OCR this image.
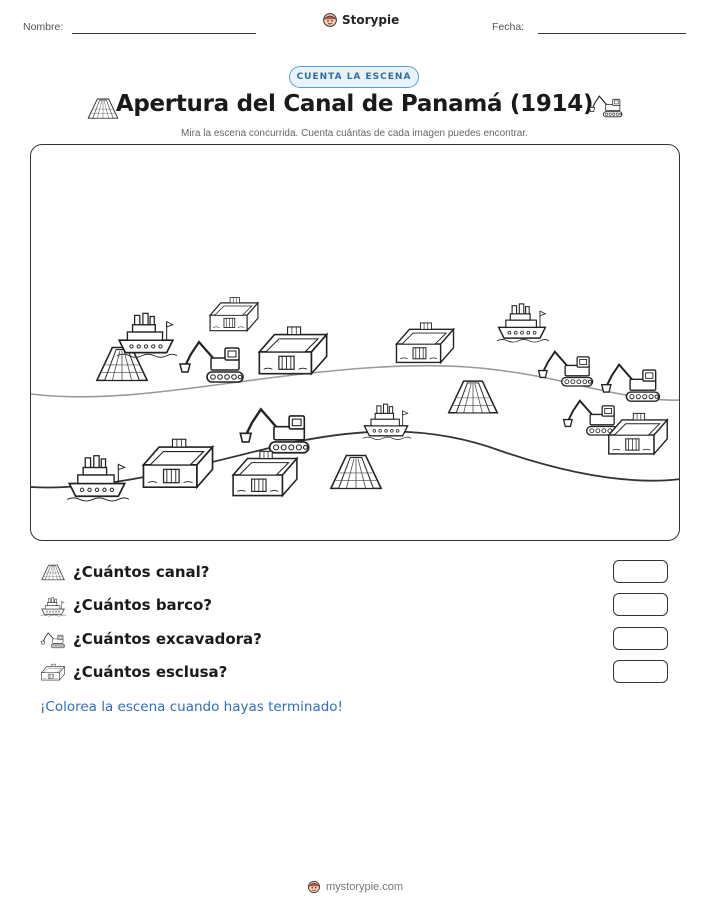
Nombre:	Storypie	Fecha:
CUENTA LA ESCENA
Apertura del Canal de Panamá (1914)
Mira la escena concurrida. Cuenta cuántas de cada imagen puedes encontrar.
¿Cuántos canal?
¿Cuántos barco?
¿Cuántos excavadora?
¿Cuántos esclusa?
¡Colorea la escena cuando hayas terminado!
mystorypie.com
